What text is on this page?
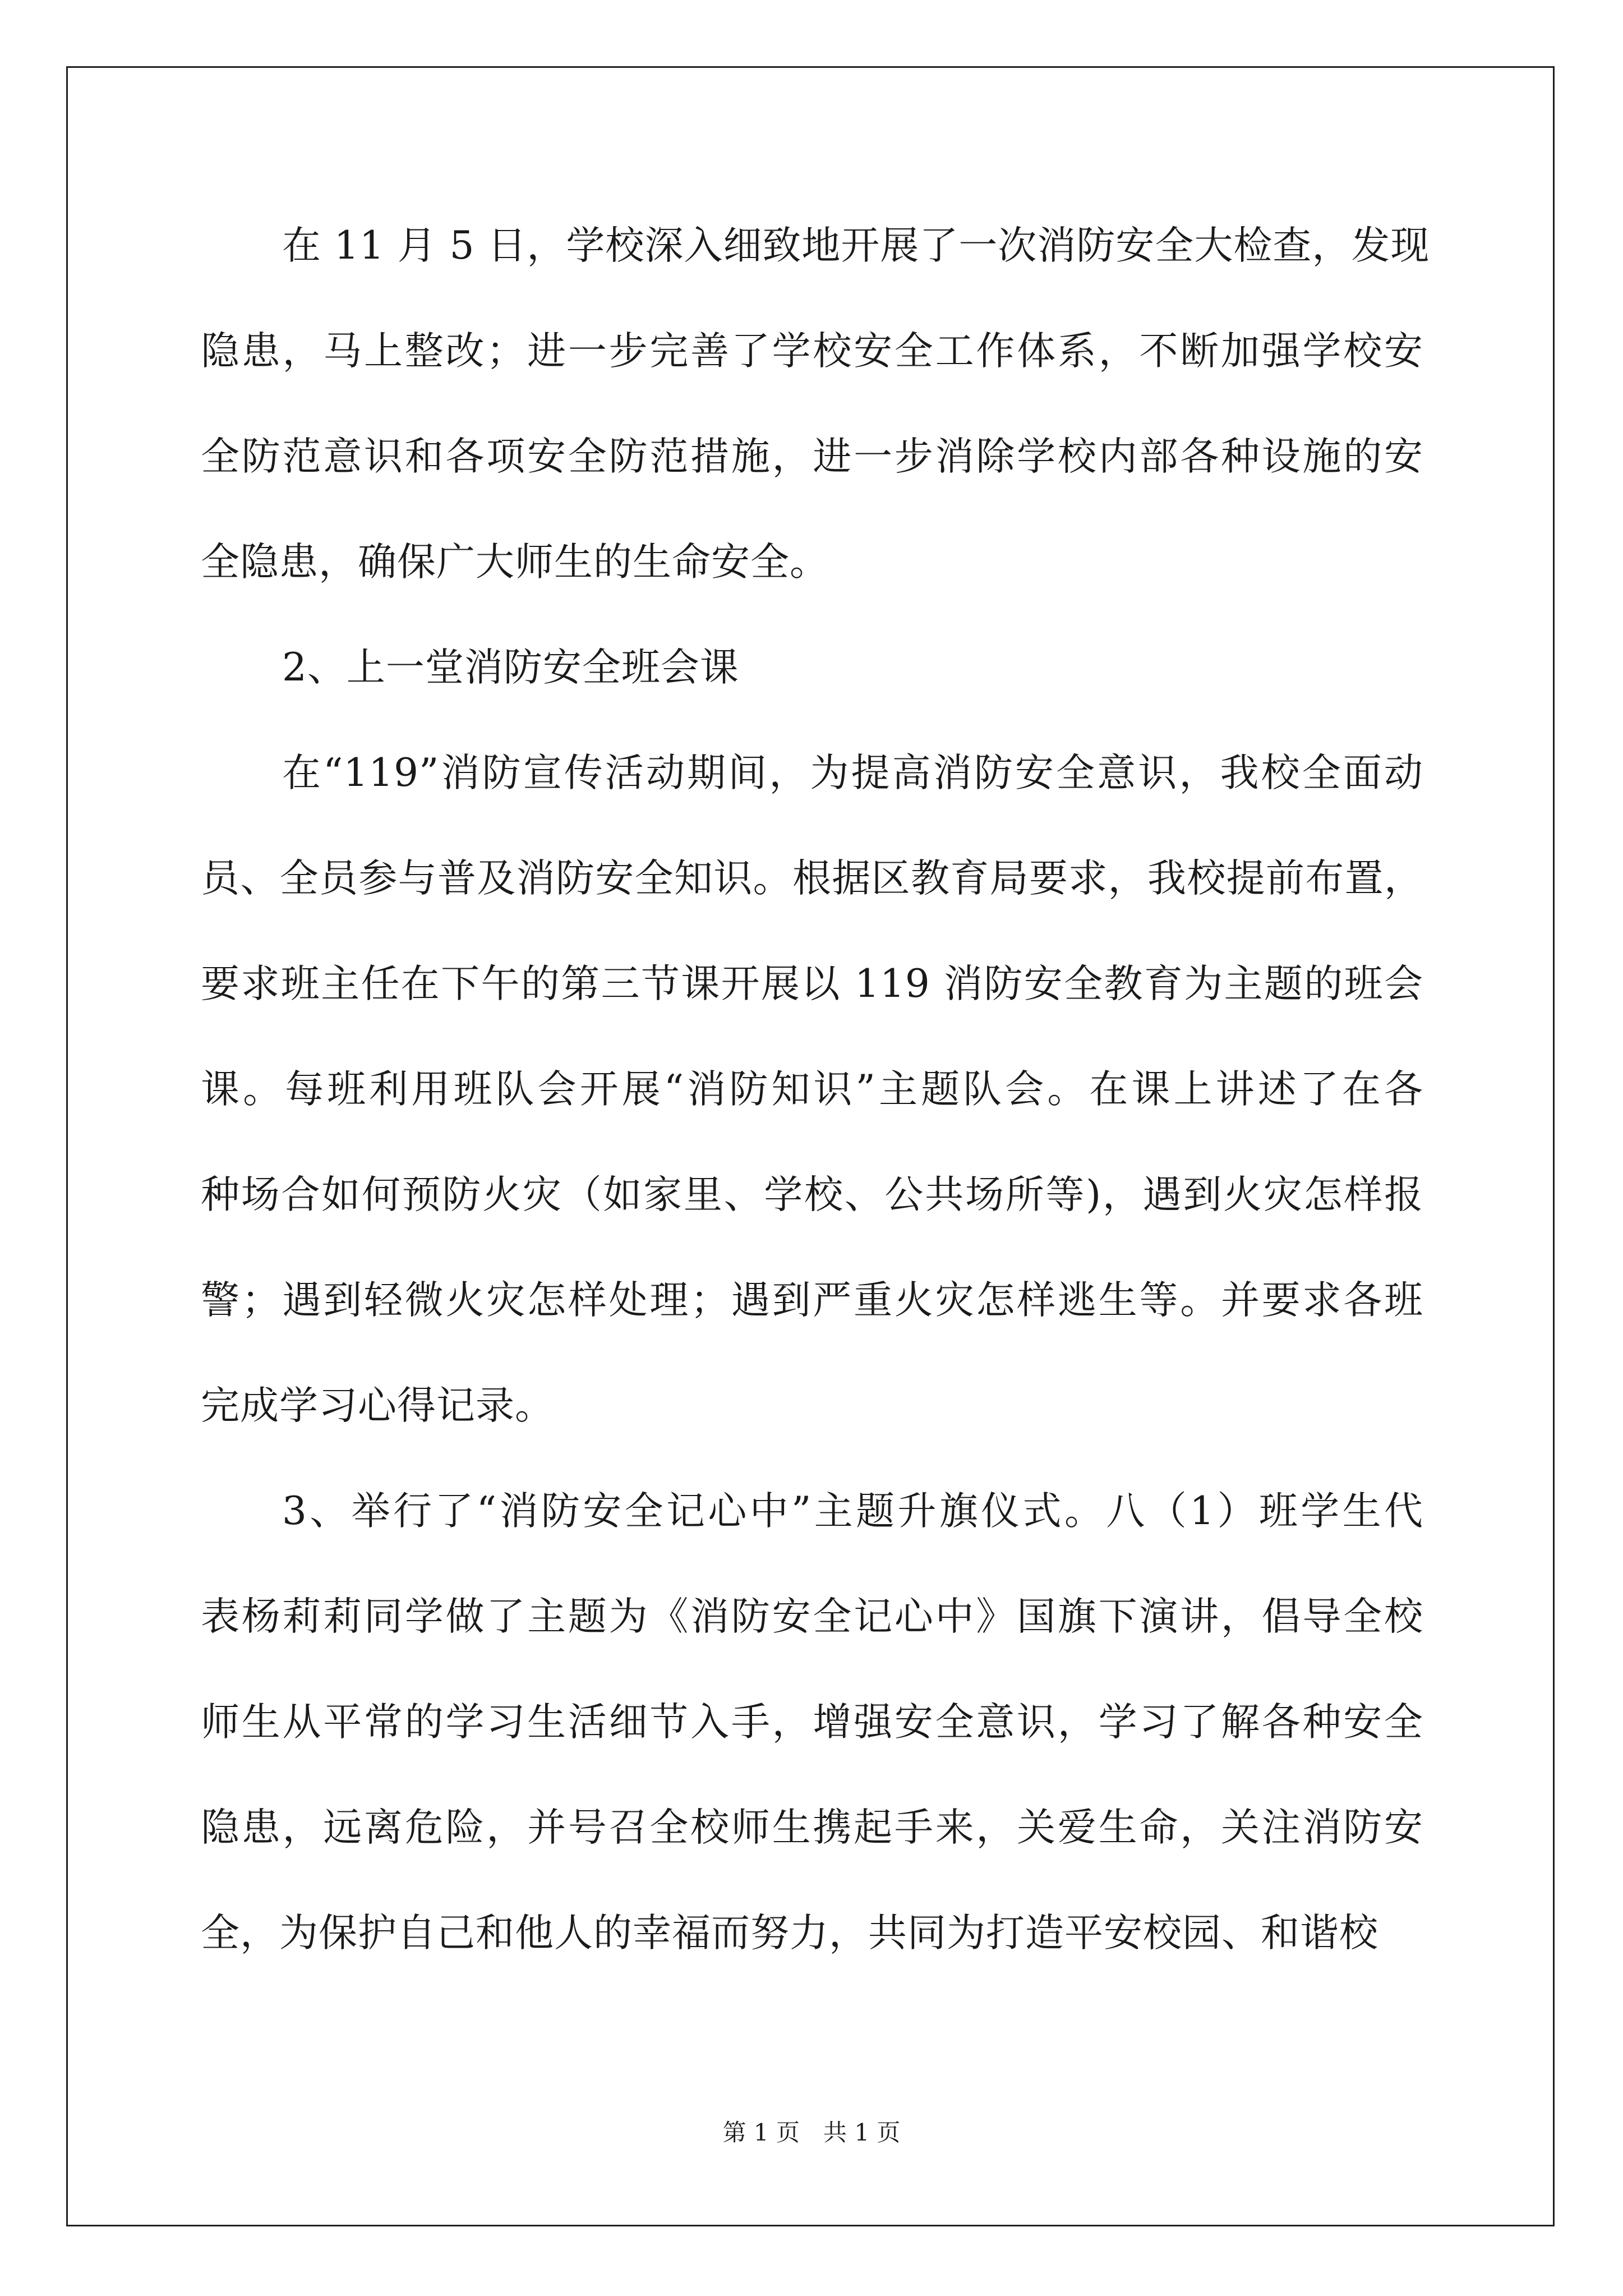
在 11 月 5 日，学校深入细致地开展了一次消防安全大检查，发现
隐患，马上整改；进一步完善了学校安全工作体系，不断加强学校安
全防范意识和各项安全防范措施，进一步消除学校内部各种设施的安
全隐患，确保广大师生的生命安全。
2、上一堂消防安全班会课
在“119”消防宣传活动期间，为提高消防安全意识，我校全面动
员、全员参与普及消防安全知识。根据区教育局要求，我校提前布置，
要求班主任在下午的第三节课开展以 119 消防安全教育为主题的班会
课。每班利用班队会开展“消防知识”主题队会。在课上讲述了在各
种场合如何预防火灾（如家里、学校、公共场所等)，遇到火灾怎样报
警；遇到轻微火灾怎样处理；遇到严重火灾怎样逃生等。并要求各班
完成学习心得记录。
3、举行了“消防安全记心中”主题升旗仪式。八（1）班学生代
表杨莉莉同学做了主题为《消防安全记心中》国旗下演讲，倡导全校
师生从平常的学习生活细节入手，增强安全意识，学习了解各种安全
隐患，远离危险，并号召全校师生携起手来，关爱生命，关注消防安
全，为保护自己和他人的幸福而努力，共同为打造平安校园、和谐校
第 1 页　共 1 页
